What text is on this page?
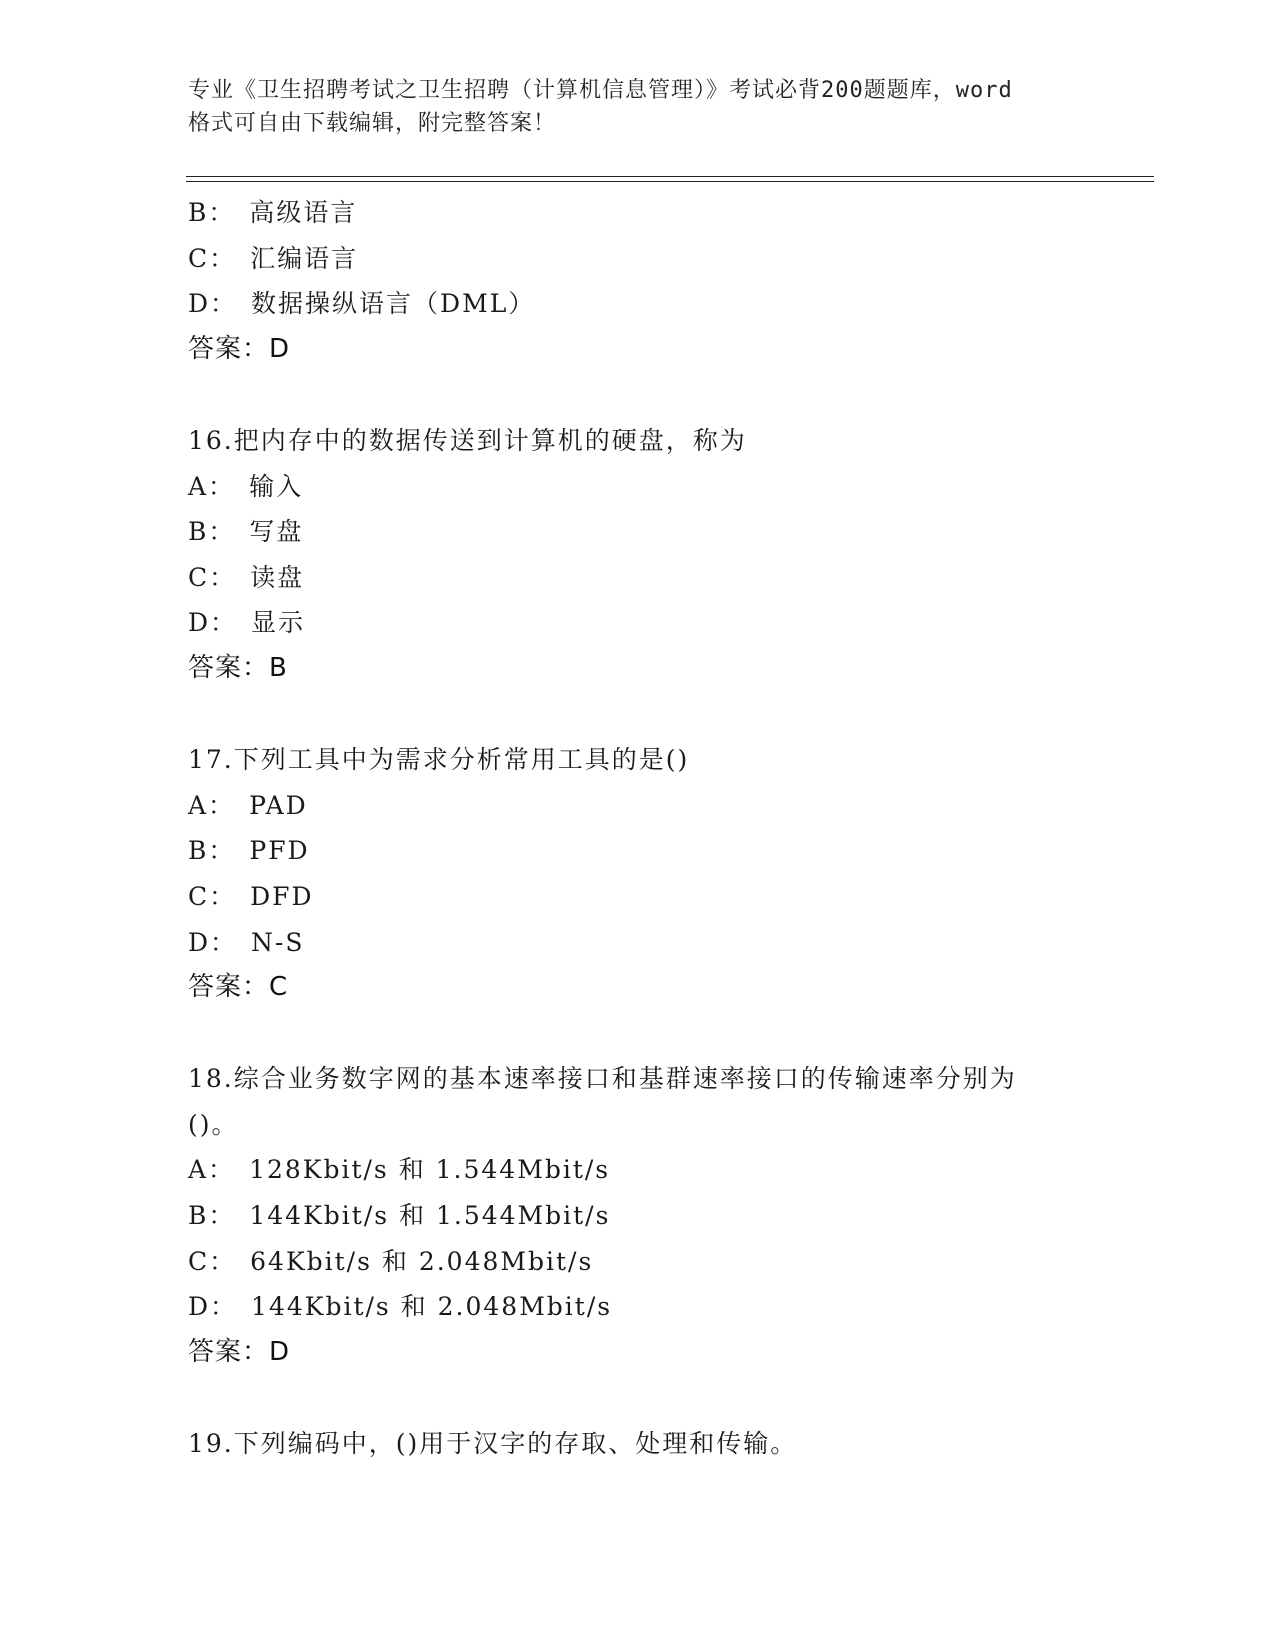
专业《卫生招聘考试之卫生招聘（计算机信息管理）》考试必背200题题库，word
格式可自由下载编辑，附完整答案！
B： 高级语言
C： 汇编语言
D： 数据操纵语言（DML）
答案：D
16.把内存中的数据传送到计算机的硬盘，称为
A： 输入
B： 写盘
C： 读盘
D： 显示
答案：B
17.下列工具中为需求分析常用工具的是()
A： PAD
B： PFD
C： DFD
D： N-S
答案：C
18.综合业务数字网的基本速率接口和基群速率接口的传输速率分别为
()。
A： 128Kbit/s 和 1.544Mbit/s
B： 144Kbit/s 和 1.544Mbit/s
C： 64Kbit/s 和 2.048Mbit/s
D： 144Kbit/s 和 2.048Mbit/s
答案：D
19.下列编码中，()用于汉字的存取、处理和传输。
